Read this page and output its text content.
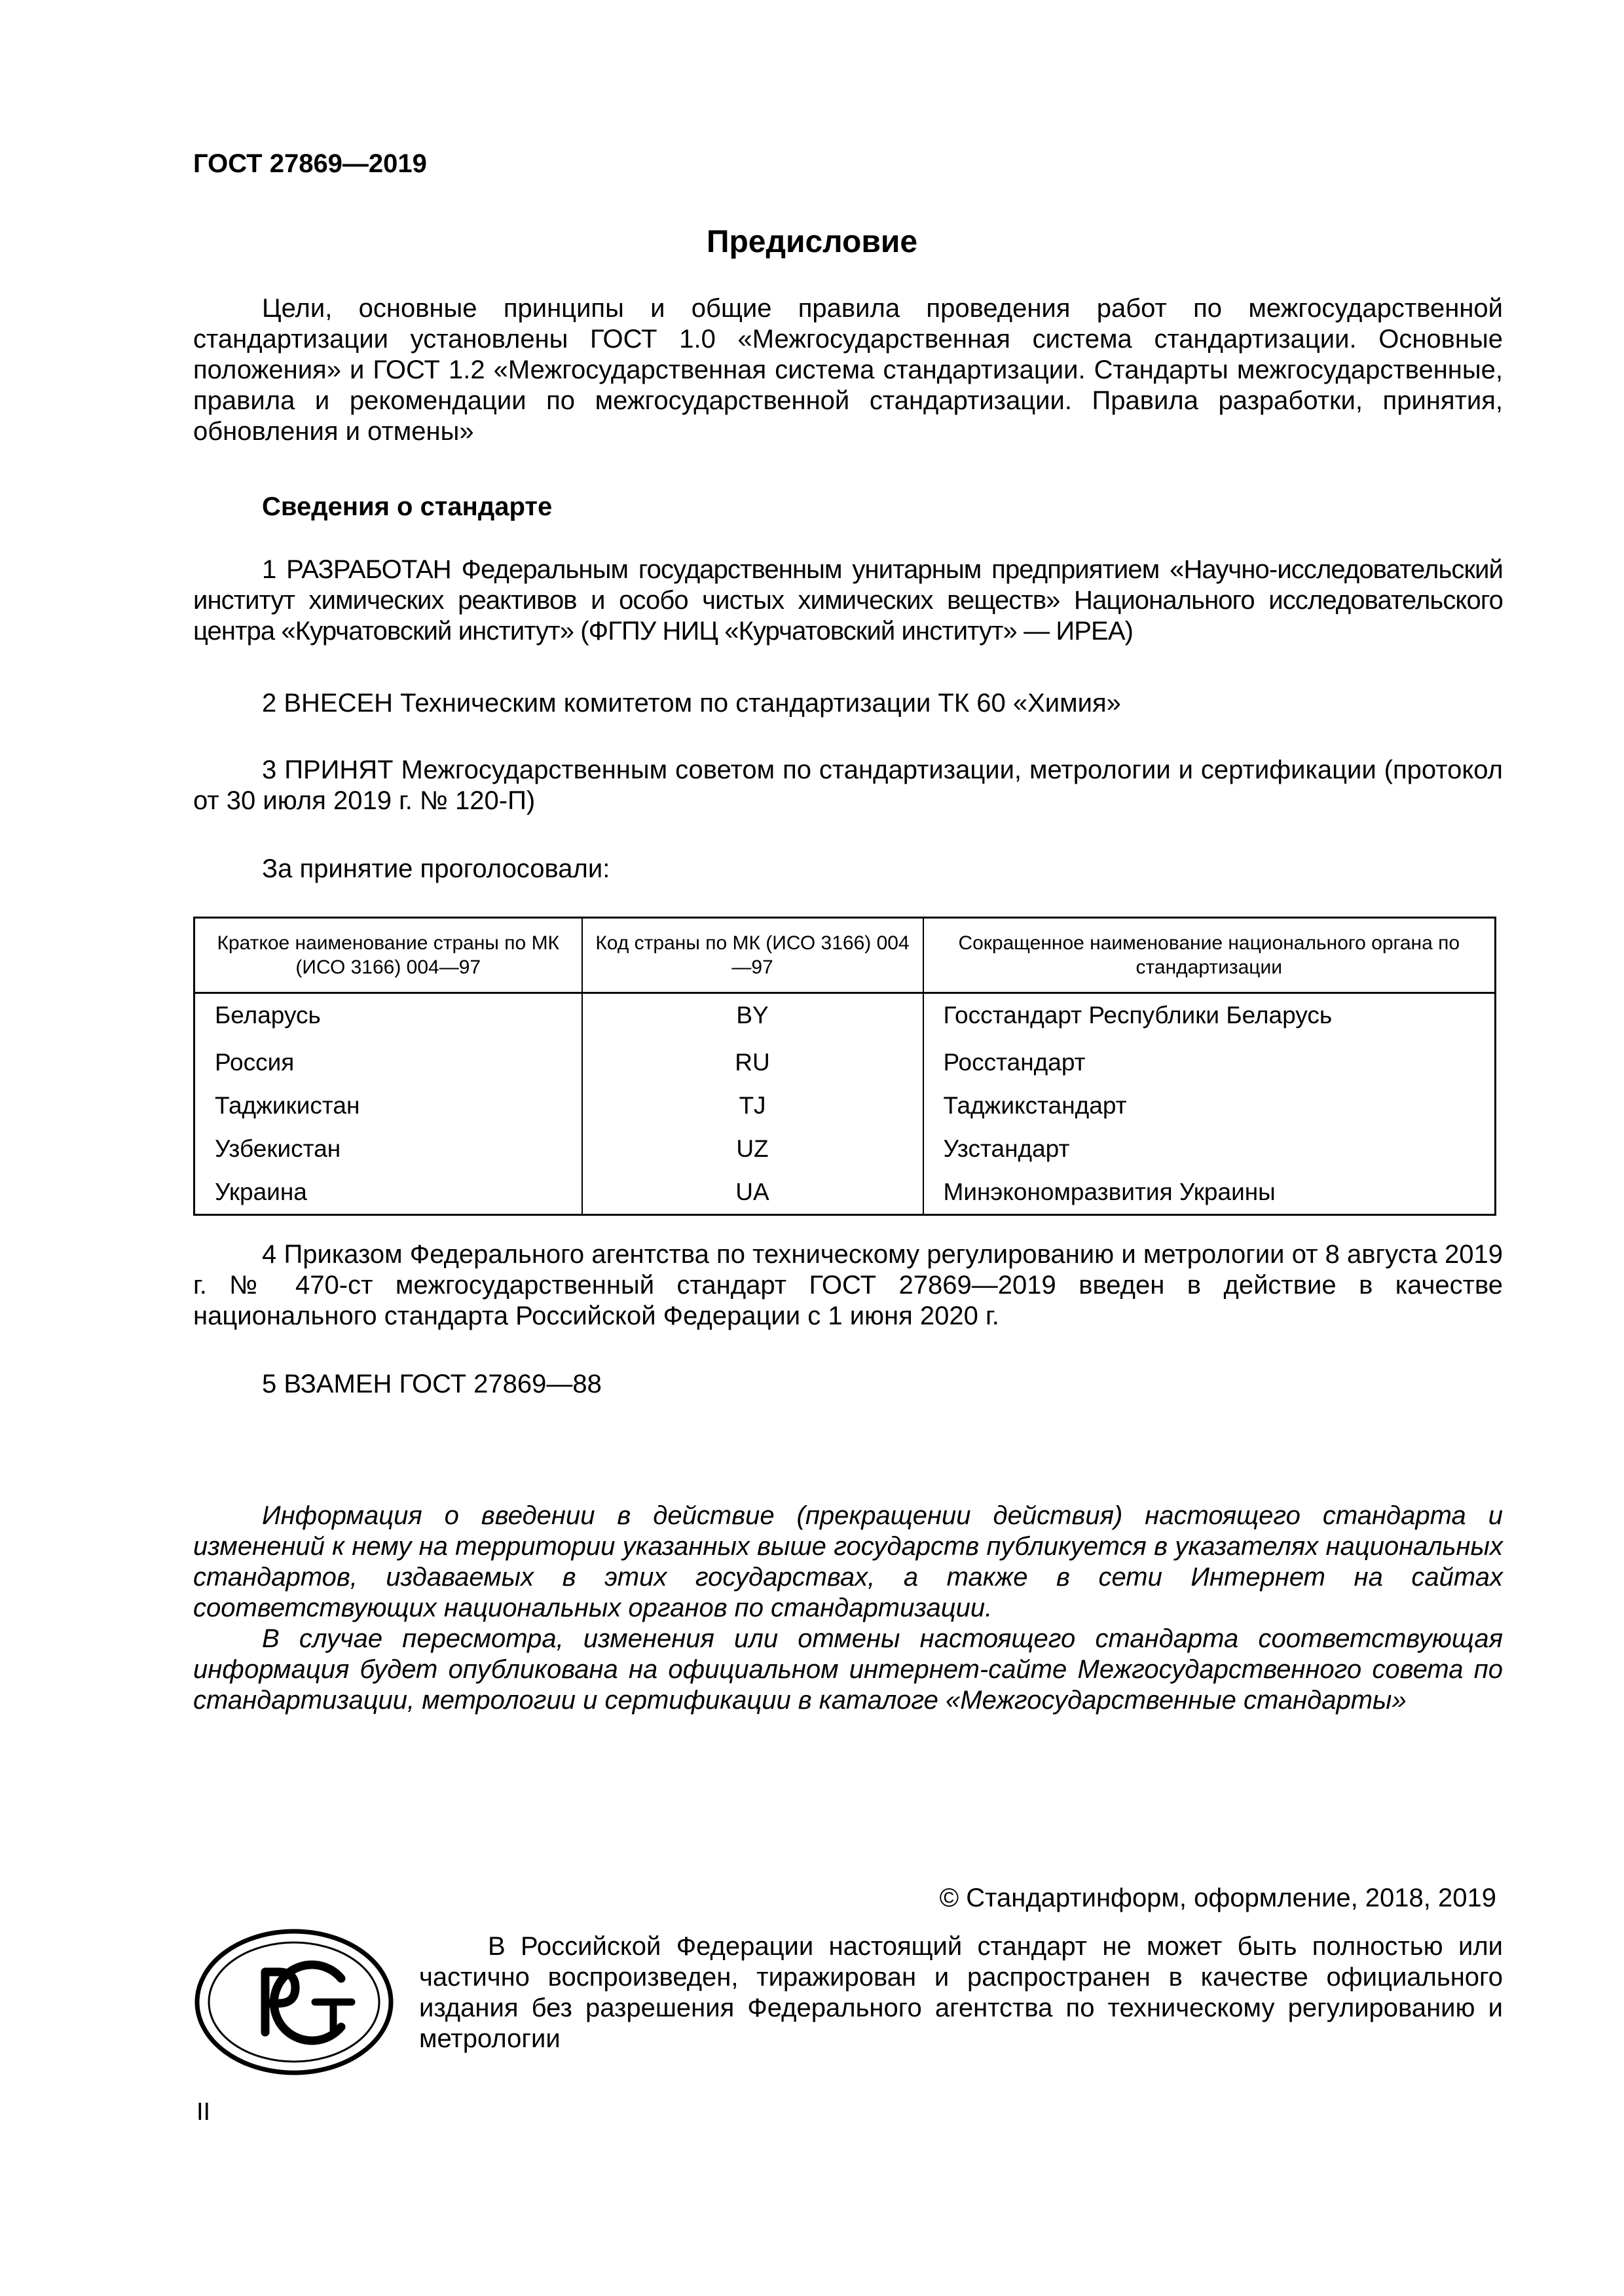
ГОСТ 27869—2019

Предисловие

Цели, основные принципы и общие правила проведения работ по межгосударственной стандартизации установлены ГОСТ 1.0 «Межгосударственная система стандартизации. Основные положения» и ГОСТ 1.2 «Межгосударственная система стандартизации. Стандарты межгосударственные, правила и рекомендации по межгосударственной стандартизации. Правила разработки, принятия, обновления и отмены»

Сведения о стандарте

1 РАЗРАБОТАН Федеральным государственным унитарным предприятием «Научно-исследовательский институт химических реактивов и особо чистых химических веществ» Национального исследовательского центра «Курчатовский институт» (ФГПУ НИЦ «Курчатовский институт» — ИРЕА)

2 ВНЕСЕН Техническим комитетом по стандартизации ТК 60 «Химия»

3 ПРИНЯТ Межгосударственным советом по стандартизации, метрологии и сертификации (протокол от 30 июля 2019 г. № 120-П)

За принятие проголосовали:

Краткое наименование страны по МК (ИСО 3166) 004—97	Код страны по МК (ИСО 3166) 004—97	Сокращенное наименование национального органа по стандартизации
Беларусь	BY	Госстандарт Республики Беларусь
Россия	RU	Росстандарт
Таджикистан	TJ	Таджикстандарт
Узбекистан	UZ	Узстандарт
Украина	UA	Минэкономразвития Украины

4 Приказом Федерального агентства по техническому регулированию и метрологии от 8 августа 2019 г. № 470-ст межгосударственный стандарт ГОСТ 27869—2019 введен в действие в качестве национального стандарта Российской Федерации с 1 июня 2020 г.

5 ВЗАМЕН ГОСТ 27869—88

Информация о введении в действие (прекращении действия) настоящего стандарта и изменений к нему на территории указанных выше государств публикуется в указателях национальных стандартов, издаваемых в этих государствах, а также в сети Интернет на сайтах соответствующих национальных органов по стандартизации.

В случае пересмотра, изменения или отмены настоящего стандарта соответствующая информация будет опубликована на официальном интернет-сайте Межгосударственного совета по стандартизации, метрологии и сертификации в каталоге «Межгосударственные стандарты»

© Стандартинформ, оформление, 2018, 2019

В Российской Федерации настоящий стандарт не может быть полностью или частично воспроизведен, тиражирован и распространен в качестве официального издания без разрешения Федерального агентства по техническому регулированию и метрологии

II
